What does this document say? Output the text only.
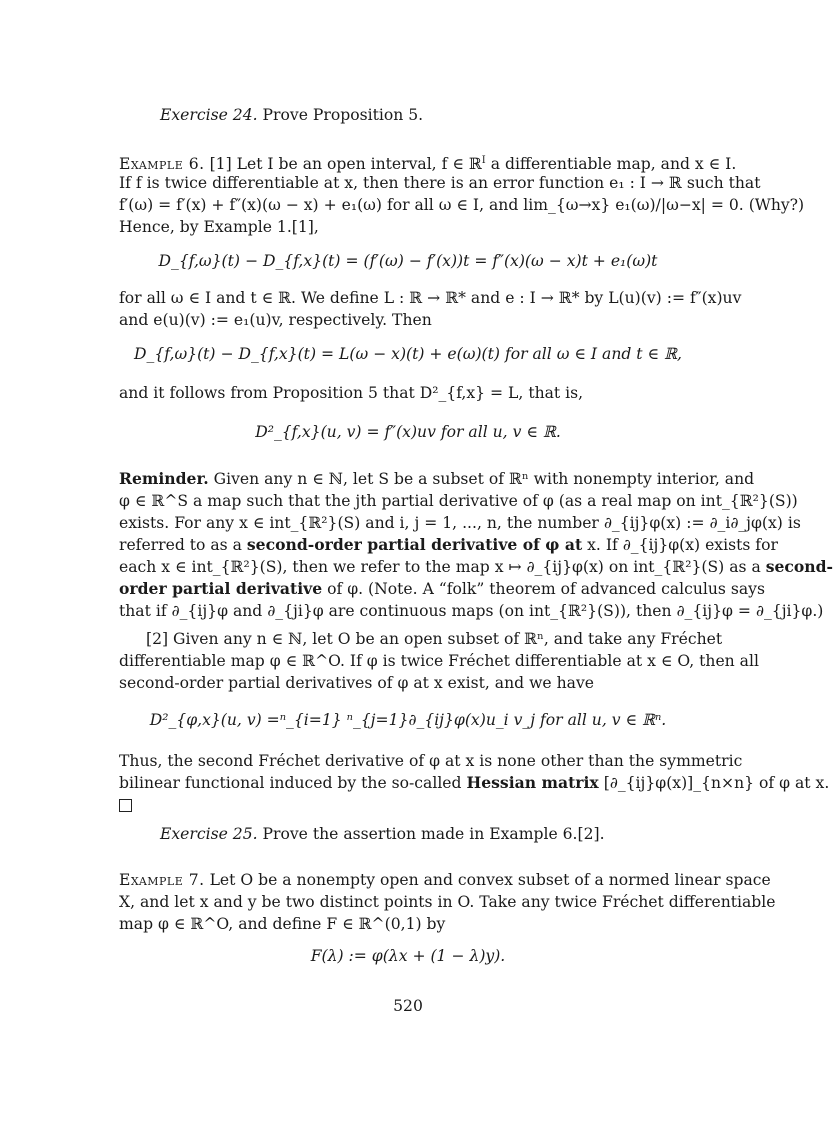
Exercise 24. Prove Proposition 5.
Example 6. [1] Let I be an open interval, f ∈ ℝ$^I$ a differentiable map, and x ∈ I.
If f is twice differentiable at x, then there is an error function e₁ : I → ℝ such that
f′(ω) = f′(x) + f″(x)(ω − x) + e₁(ω) for all ω ∈ I, and lim_{ω→x} e₁(ω)/|ω−x| = 0. (Why?)
Hence, by Example 1.[1],
D_{f,ω}(t) − D_{f,x}(t) = (f′(ω) − f′(x))t = f″(x)(ω − x)t + e₁(ω)t
for all ω ∈ I and t ∈ ℝ. We define L : ℝ → ℝ* and e : I → ℝ* by L(u)(v) := f″(x)uv
and e(u)(v) := e₁(u)v, respectively. Then
D_{f,ω}(t) − D_{f,x}(t) = L(ω − x)(t) + e(ω)(t) for all ω ∈ I and t ∈ ℝ,
and it follows from Proposition 5 that D²_{f,x} = L, that is,
D²_{f,x}(u, v) = f″(x)uv for all u, v ∈ ℝ.
Reminder. Given any n ∈ ℕ, let S be a subset of ℝⁿ with nonempty interior, and
φ ∈ ℝ^S a map such that the jth partial derivative of φ (as a real map on int_{ℝ²}(S))
exists. For any x ∈ int_{ℝ²}(S) and i, j = 1, ..., n, the number ∂_{ij}φ(x) := ∂_i∂_jφ(x) is
referred to as a second-order partial derivative of φ at x. If ∂_{ij}φ(x) exists for
each x ∈ int_{ℝ²}(S), then we refer to the map x ↦ ∂_{ij}φ(x) on int_{ℝ²}(S) as a second-
order partial derivative of φ. (Note. A “folk” theorem of advanced calculus says
that if ∂_{ij}φ and ∂_{ji}φ are continuous maps (on int_{ℝ²}(S)), then ∂_{ij}φ = ∂_{ji}φ.)
[2] Given any n ∈ ℕ, let O be an open subset of ℝⁿ, and take any Fréchet
differentiable map φ ∈ ℝ^O. If φ is twice Fréchet differentiable at x ∈ O, then all
second-order partial derivatives of φ at x exist, and we have
D²_{φ,x}(u, v) =ⁿ_{i=1} ⁿ_{j=1}∂_{ij}φ(x)u_i v_j for all u, v ∈ ℝⁿ.
Thus, the second Fréchet derivative of φ at x is none other than the symmetric
bilinear functional induced by the so-called Hessian matrix [∂_{ij}φ(x)]_{n×n} of φ at x.
Exercise 25. Prove the assertion made in Example 6.[2].
Example 7. Let O be a nonempty open and convex subset of a normed linear space
X, and let x and y be two distinct points in O. Take any twice Fréchet differentiable
map φ ∈ ℝ^O, and define F ∈ ℝ^(0,1) by
F(λ) := φ(λx + (1 − λ)y).
520
